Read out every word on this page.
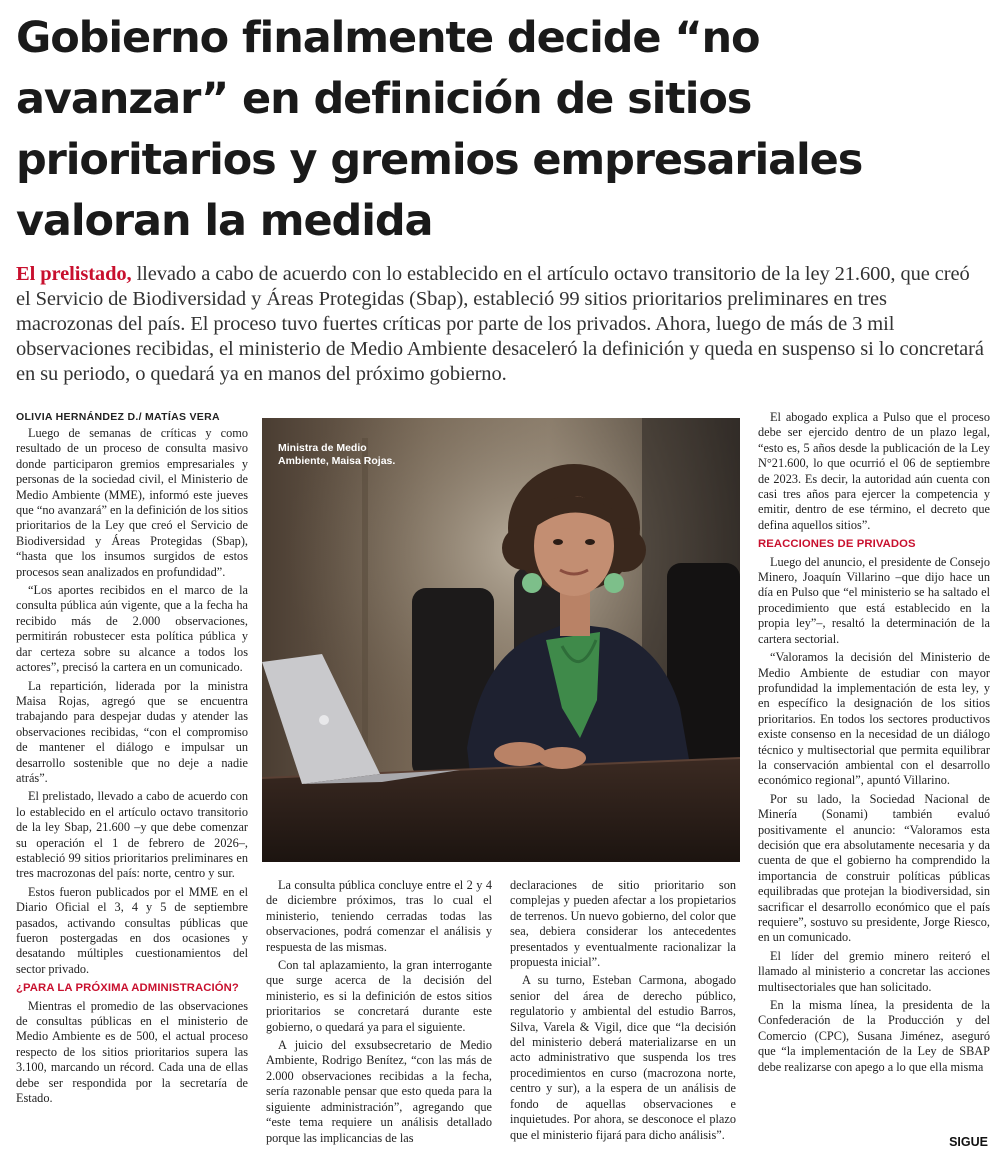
Gobierno finalmente decide “no avanzar” en definición de sitios prioritarios y gremios empresariales valoran la medida

El prelistado, llevado a cabo de acuerdo con lo establecido en el artículo octavo transitorio de la ley 21.600, que creó el Servicio de Biodiversidad y Áreas Protegidas (Sbap), estableció 99 sitios prioritarios preliminares en tres macrozonas del país. El proceso tuvo fuertes críticas por parte de los privados. Ahora, luego de más de 3 mil observaciones recibidas, el ministerio de Medio Ambiente desaceleró la definición y queda en suspenso si lo concretará en su periodo, o quedará ya en manos del próximo gobierno.

OLIVIA HERNÁNDEZ D./ MATÍAS VERA

Luego de semanas de críticas y como resultado de un proceso de consulta masivo donde participaron gremios empresariales y personas de la sociedad civil, el Ministerio de Medio Ambiente (MME), informó este jueves que “no avanzará” en la definición de los sitios prioritarios de la Ley que creó el Servicio de Biodiversidad y Áreas Protegidas (Sbap), “hasta que los insumos surgidos de estos procesos sean analizados en profundidad”.

“Los aportes recibidos en el marco de la consulta pública aún vigente, que a la fecha ha recibido más de 2.000 observaciones, permitirán robustecer esta política pública y dar certeza sobre su alcance a todos los actores”, precisó la cartera en un comunicado.

La repartición, liderada por la ministra Maisa Rojas, agregó que se encuentra trabajando para despejar dudas y atender las observaciones recibidas, “con el compromiso de mantener el diálogo e impulsar un desarrollo sostenible que no deje a nadie atrás”.

El prelistado, llevado a cabo de acuerdo con lo establecido en el artículo octavo transitorio de la ley Sbap, 21.600 –y que debe comenzar su operación el 1 de febrero de 2026–, estableció 99 sitios prioritarios preliminares en tres macrozonas del país: norte, centro y sur.

Estos fueron publicados por el MME en el Diario Oficial el 3, 4 y 5 de septiembre pasados, activando consultas públicas que fueron postergadas en dos ocasiones y desatando múltiples cuestionamientos del sector privado.

¿PARA LA PRÓXIMA ADMINISTRACIÓN?

Mientras el promedio de las observaciones de consultas públicas en el ministerio de Medio Ambiente es de 500, el actual proceso respecto de los sitios prioritarios supera las 3.100, marcando un récord. Cada una de ellas debe ser respondida por la secretaría de Estado.

Ministra de Medio Ambiente, Maisa Rojas.

La consulta pública concluye entre el 2 y 4 de diciembre próximos, tras lo cual el ministerio, teniendo cerradas todas las observaciones, podrá comenzar el análisis y respuesta de las mismas.

Con tal aplazamiento, la gran interrogante que surge acerca de la decisión del ministerio, es si la definición de estos sitios prioritarios se concretará durante este gobierno, o quedará ya para el siguiente.

A juicio del exsubsecretario de Medio Ambiente, Rodrigo Benítez, “con las más de 2.000 observaciones recibidas a la fecha, sería razonable pensar que esto queda para la siguiente administración”, agregando que “este tema requiere un análisis detallado porque las implicancias de las

declaraciones de sitio prioritario son complejas y pueden afectar a los propietarios de terrenos. Un nuevo gobierno, del color que sea, debiera considerar los antecedentes presentados y eventualmente racionalizar la propuesta inicial”.

A su turno, Esteban Carmona, abogado senior del área de derecho público, regulatorio y ambiental del estudio Barros, Silva, Varela & Vigil, dice que “la decisión del ministerio deberá materializarse en un acto administrativo que suspenda los tres procedimientos en curso (macrozona norte, centro y sur), a la espera de un análisis de fondo de aquellas observaciones e inquietudes. Por ahora, se desconoce el plazo que el ministerio fijará para dicho análisis”.

El abogado explica a Pulso que el proceso debe ser ejercido dentro de un plazo legal, “esto es, 5 años desde la publicación de la Ley N°21.600, lo que ocurrió el 06 de septiembre de 2023. Es decir, la autoridad aún cuenta con casi tres años para ejercer la competencia y emitir, dentro de ese término, el decreto que defina aquellos sitios”.

REACCIONES DE PRIVADOS

Luego del anuncio, el presidente de Consejo Minero, Joaquín Villarino –que dijo hace un día en Pulso que “el ministerio se ha saltado el procedimiento que está establecido en la propia ley”–, resaltó la determinación de la cartera sectorial.

“Valoramos la decisión del Ministerio de Medio Ambiente de estudiar con mayor profundidad la implementación de esta ley, y en específico la designación de los sitios prioritarios. En todos los sectores productivos existe consenso en la necesidad de un diálogo técnico y multisectorial que permita equilibrar la conservación ambiental con el desarrollo económico regional”, apuntó Villarino.

Por su lado, la Sociedad Nacional de Minería (Sonami) también evaluó positivamente el anuncio: “Valoramos esta decisión que era absolutamente necesaria y da cuenta de que el gobierno ha comprendido la importancia de construir políticas públicas equilibradas que protejan la biodiversidad, sin sacrificar el desarrollo económico que el país requiere”, sostuvo su presidente, Jorge Riesco, en un comunicado.

El líder del gremio minero reiteró el llamado al ministerio a concretar las acciones multisectoriales que han solicitado.

En la misma línea, la presidenta de la Confederación de la Producción y del Comercio (CPC), Susana Jiménez, aseguró que “la implementación de la Ley de SBAP debe realizarse con apego a lo que ella misma

SIGUE
